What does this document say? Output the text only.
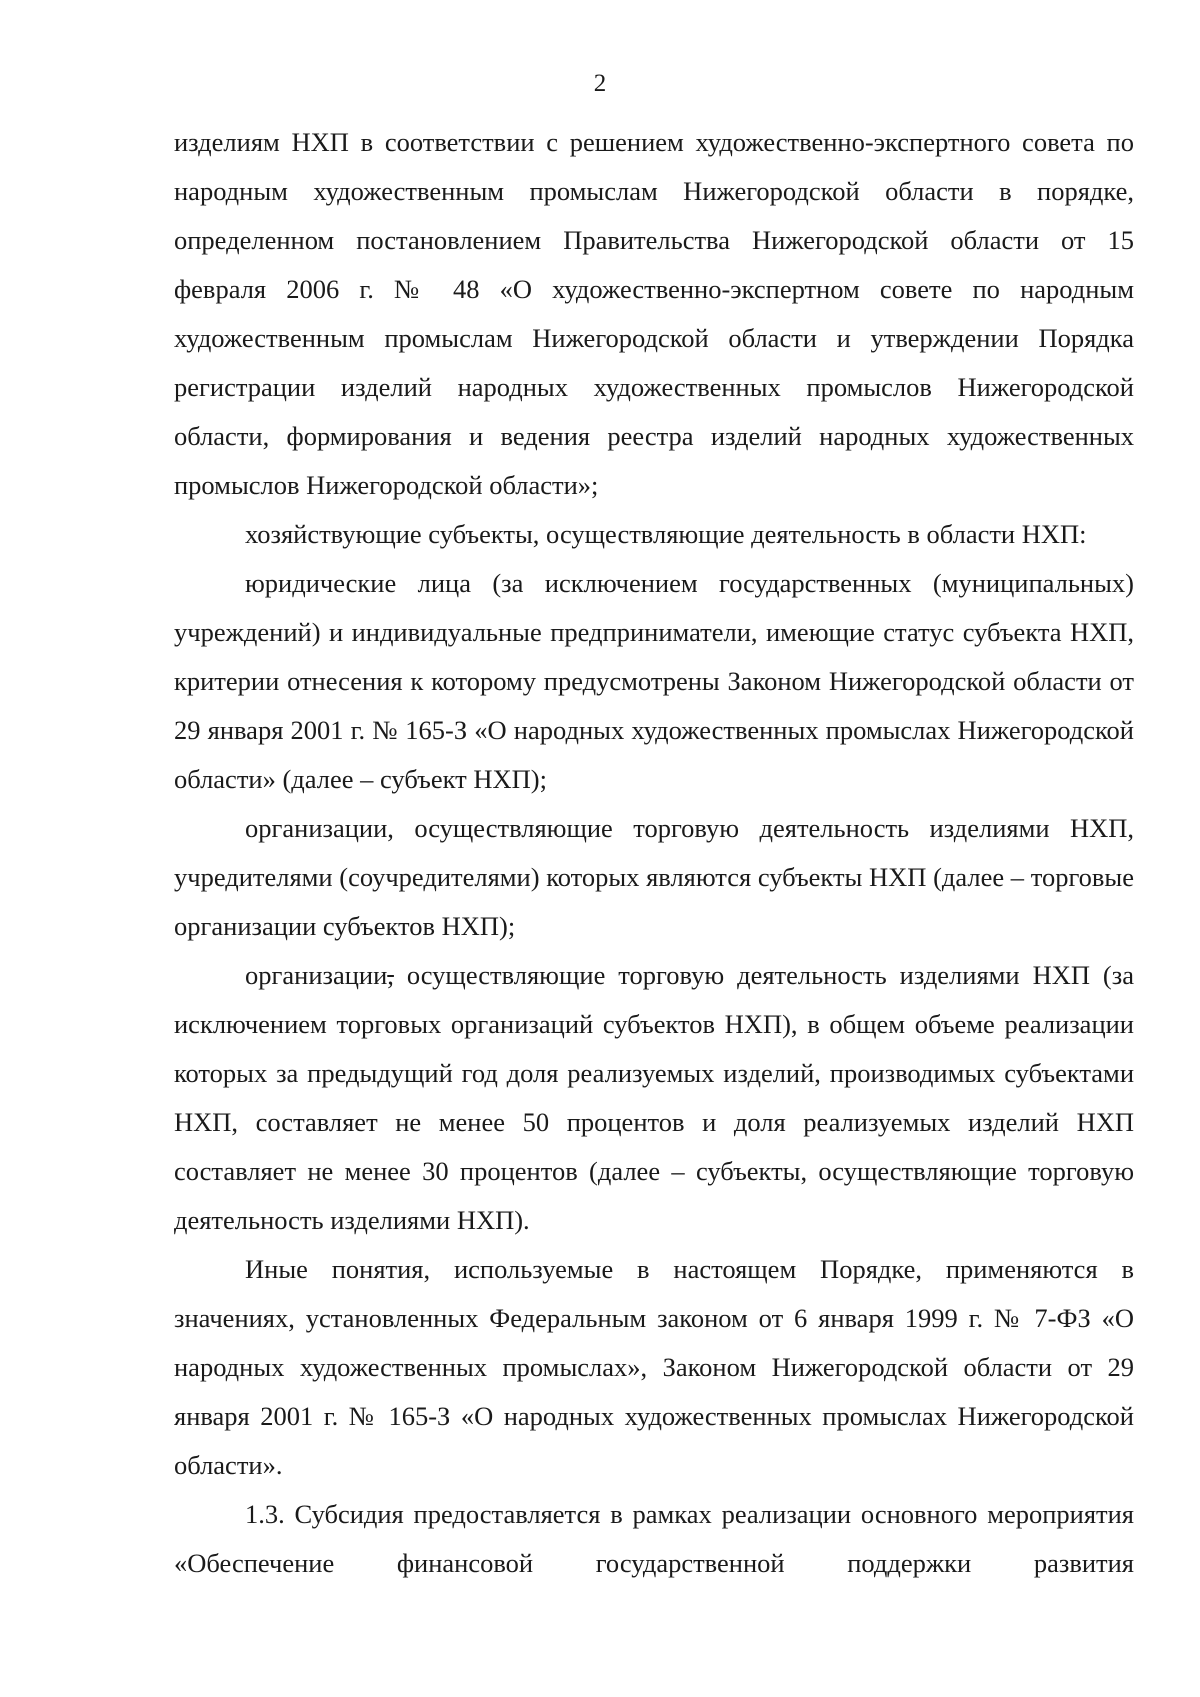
2

изделиям НХП в соответствии с решением художественно-экспертного совета по народным художественным промыслам Нижегородской области в порядке, определенном постановлением Правительства Нижегородской области от 15 февраля 2006 г. № 48 «О художественно-экспертном совете по народным художественным промыслам Нижегородской области и утверждении Порядка регистрации изделий народных художественных промыслов Нижегородской области, формирования и ведения реестра изделий народных художественных промыслов Нижегородской области»;

хозяйствующие субъекты, осуществляющие деятельность в области НХП:

юридические лица (за исключением государственных (муниципальных) учреждений) и индивидуальные предприниматели, имеющие статус субъекта НХП, критерии отнесения к которому предусмотрены Законом Нижегородской области от 29 января 2001 г. № 165-З «О народных художественных промыслах Нижегородской области» (далее – субъект НХП);

организации, осуществляющие торговую деятельность изделиями НХП, учредителями (соучредителями) которых являются субъекты НХП (далее – торговые организации субъектов НХП);

организации, осуществляющие торговую деятельность изделиями НХП (за исключением торговых организаций субъектов НХП), в общем объеме реализации которых за предыдущий год доля реализуемых изделий, производимых субъектами НХП, составляет не менее 50 процентов и доля реализуемых изделий НХП составляет не менее 30 процентов (далее – субъекты, осуществляющие торговую деятельность изделиями НХП).

Иные понятия, используемые в настоящем Порядке, применяются в значениях, установленных Федеральным законом от 6 января 1999 г. № 7-ФЗ «О народных художественных промыслах», Законом Нижегородской области от 29 января 2001 г. № 165-З «О народных художественных промыслах Нижегородской области».

1.3. Субсидия предоставляется в рамках реализации основного мероприятия «Обеспечение финансовой государственной поддержки развития
